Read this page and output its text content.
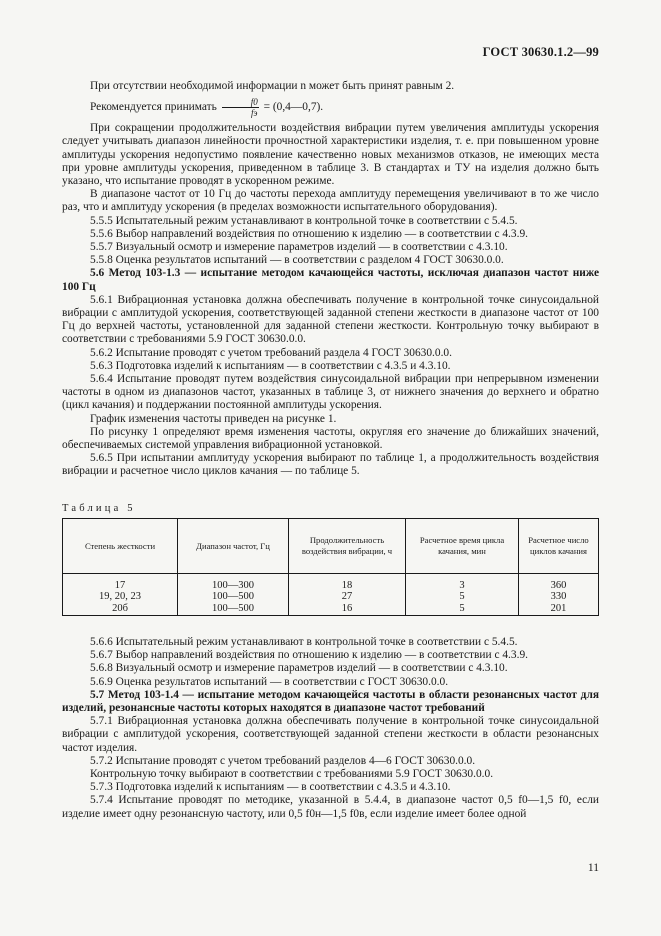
ГОСТ 30630.1.2—99

При отсутствии необходимой информации n может быть принят равным 2.

Рекомендуется принимать $\frac{f0}{fэ}$ = (0,4—0,7).

При сокращении продолжительности воздействия вибрации путем увеличения амплитуды ускорения следует учитывать диапазон линейности прочностной характеристики изделия, т. е. при повышенном уровне амплитуды ускорения недопустимо появление качественно новых механизмов отказов, не имеющих места при уровне амплитуды ускорения, приведенном в таблице 3. В стандартах и ТУ на изделия должно быть указано, что испытание проводят в ускоренном режиме.

В диапазоне частот от 10 Гц до частоты перехода амплитуду перемещения увеличивают в то же число раз, что и амплитуду ускорения (в пределах возможности испытательного оборудования).

5.5.5 Испытательный режим устанавливают в контрольной точке в соответствии с 5.4.5.

5.5.6 Выбор направлений воздействия по отношению к изделию — в соответствии с 4.3.9.

5.5.7 Визуальный осмотр и измерение параметров изделий — в соответствии с 4.3.10.

5.5.8 Оценка результатов испытаний — в соответствии с разделом 4 ГОСТ 30630.0.0.

5.6 Метод 103-1.3 — испытание методом качающейся частоты, исключая диапазон частот ниже 100 Гц

5.6.1 Вибрационная установка должна обеспечивать получение в контрольной точке синусоидальной вибрации с амплитудой ускорения, соответствующей заданной степени жесткости в диапазоне частот от 100 Гц до верхней частоты, установленной для заданной степени жесткости. Контрольную точку выбирают в соответствии с требованиями 5.9 ГОСТ 30630.0.0.

5.6.2 Испытание проводят с учетом требований раздела 4 ГОСТ 30630.0.0.

5.6.3 Подготовка изделий к испытаниям — в соответствии с 4.3.5 и 4.3.10.

5.6.4 Испытание проводят путем воздействия синусоидальной вибрации при непрерывном изменении частоты в одном из диапазонов частот, указанных в таблице 3, от нижнего значения до верхнего и обратно (цикл качания) и поддержании постоянной амплитуды ускорения.

График изменения частоты приведен на рисунке 1.

По рисунку 1 определяют время изменения частоты, округляя его значение до ближайших значений, обеспечиваемых системой управления вибрационной установкой.

5.6.5 При испытании амплитуду ускорения выбирают по таблице 1, а продолжительность воздействия вибрации и расчетное число циклов качания — по таблице 5.

Таблица 5
Степень жесткости	Диапазон частот, Гц	Продолжительность воздействия вибрации, ч	Расчетное время цикла качания, мин	Расчетное число циклов качания
17	100—300	18	3	360
19, 20, 23	100—500	27	5	330
20б	100—500	16	5	201

5.6.6 Испытательный режим устанавливают в контрольной точке в соответствии с 5.4.5.

5.6.7 Выбор направлений воздействия по отношению к изделию — в соответствии с 4.3.9.

5.6.8 Визуальный осмотр и измерение параметров изделий — в соответствии с 4.3.10.

5.6.9 Оценка результатов испытаний — в соответствии с ГОСТ 30630.0.0.

5.7 Метод 103-1.4 — испытание методом качающейся частоты в области резонансных частот для изделий, резонансные частоты которых находятся в диапазоне частот требований

5.7.1 Вибрационная установка должна обеспечивать получение в контрольной точке синусоидальной вибрации с амплитудой ускорения, соответствующей заданной степени жесткости в области резонансных частот изделия.

5.7.2 Испытание проводят с учетом требований разделов 4—6 ГОСТ 30630.0.0.

Контрольную точку выбирают в соответствии с требованиями 5.9 ГОСТ 30630.0.0.

5.7.3 Подготовка изделий к испытаниям — в соответствии с 4.3.5 и 4.3.10.

5.7.4 Испытание проводят по методике, указанной в 5.4.4, в диапазоне частот 0,5 f0—1,5 f0, если изделие имеет одну резонансную частоту, или 0,5 f0н—1,5 f0в, если изделие имеет более одной

11
